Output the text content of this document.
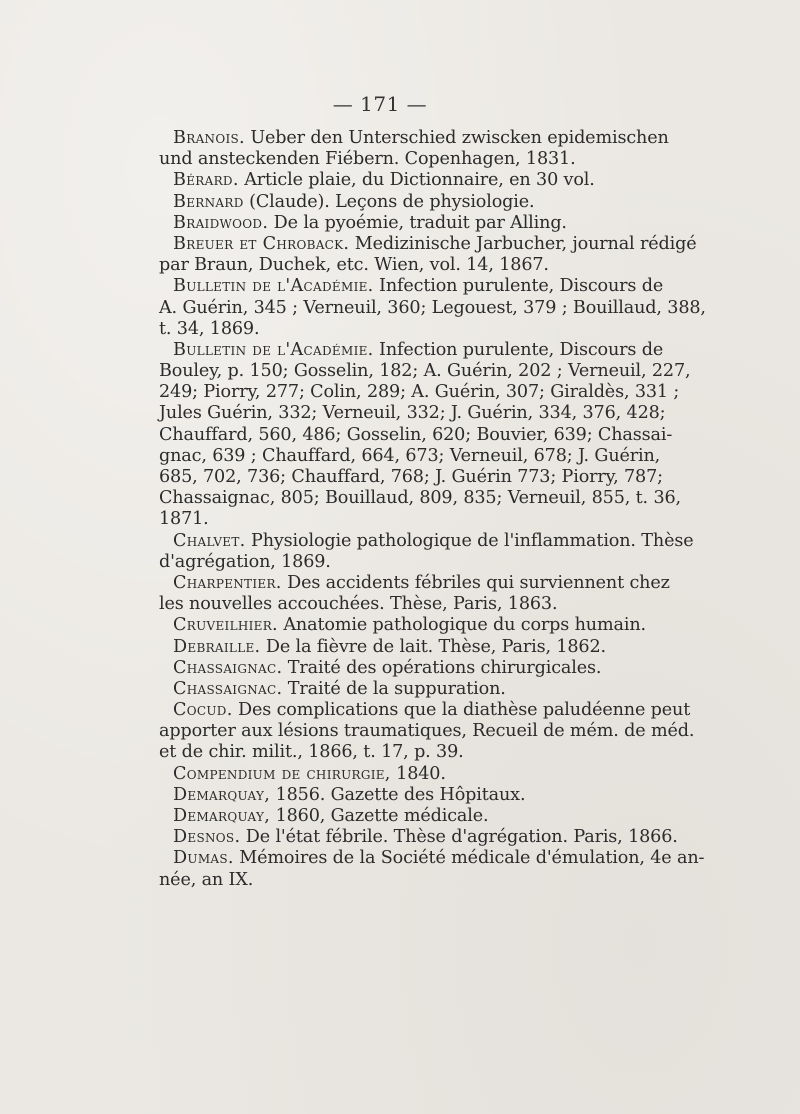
— 171 —
Branois. Ueber den Unterschied zwiscken epidemischen
und ansteckenden Fiébern. Copenhagen, 1831.
Bérard. Article plaie, du Dictionnaire, en 30 vol.
Bernard (Claude). Leçons de physiologie.
Braidwood. De la pyoémie, traduit par Alling.
Breuer et Chroback. Medizinische Jarbucher, journal rédigé
par Braun, Duchek, etc. Wien, vol. 14, 1867.
Bulletin de l'Académie. Infection purulente, Discours de
A. Guérin, 345 ; Verneuil, 360; Legouest, 379 ; Bouillaud, 388,
t. 34, 1869.
Bulletin de l'Académie. Infection purulente, Discours de
Bouley, p. 150; Gosselin, 182; A. Guérin, 202 ; Verneuil, 227,
249; Piorry, 277; Colin, 289; A. Guérin, 307; Giraldès, 331 ;
Jules Guérin, 332; Verneuil, 332; J. Guérin, 334, 376, 428;
Chauffard, 560, 486; Gosselin, 620; Bouvier, 639; Chassai-
gnac, 639 ; Chauffard, 664, 673; Verneuil, 678; J. Guérin,
685, 702, 736; Chauffard, 768; J. Guérin 773; Piorry, 787;
Chassaignac, 805; Bouillaud, 809, 835; Verneuil, 855, t. 36,
1871.
Chalvet. Physiologie pathologique de l'inflammation. Thèse
d'agrégation, 1869.
Charpentier. Des accidents fébriles qui surviennent chez
les nouvelles accouchées. Thèse, Paris, 1863.
Cruveilhier. Anatomie pathologique du corps humain.
Debraille. De la fièvre de lait. Thèse, Paris, 1862.
Chassaignac. Traité des opérations chirurgicales.
Chassaignac. Traité de la suppuration.
Cocud. Des complications que la diathèse paludéenne peut
apporter aux lésions traumatiques, Recueil de mém. de méd.
et de chir. milit., 1866, t. 17, p. 39.
Compendium de chirurgie, 1840.
Demarquay, 1856. Gazette des Hôpitaux.
Demarquay, 1860, Gazette médicale.
Desnos. De l'état fébrile. Thèse d'agrégation. Paris, 1866.
Dumas. Mémoires de la Société médicale d'émulation, 4e an-
née, an IX.
